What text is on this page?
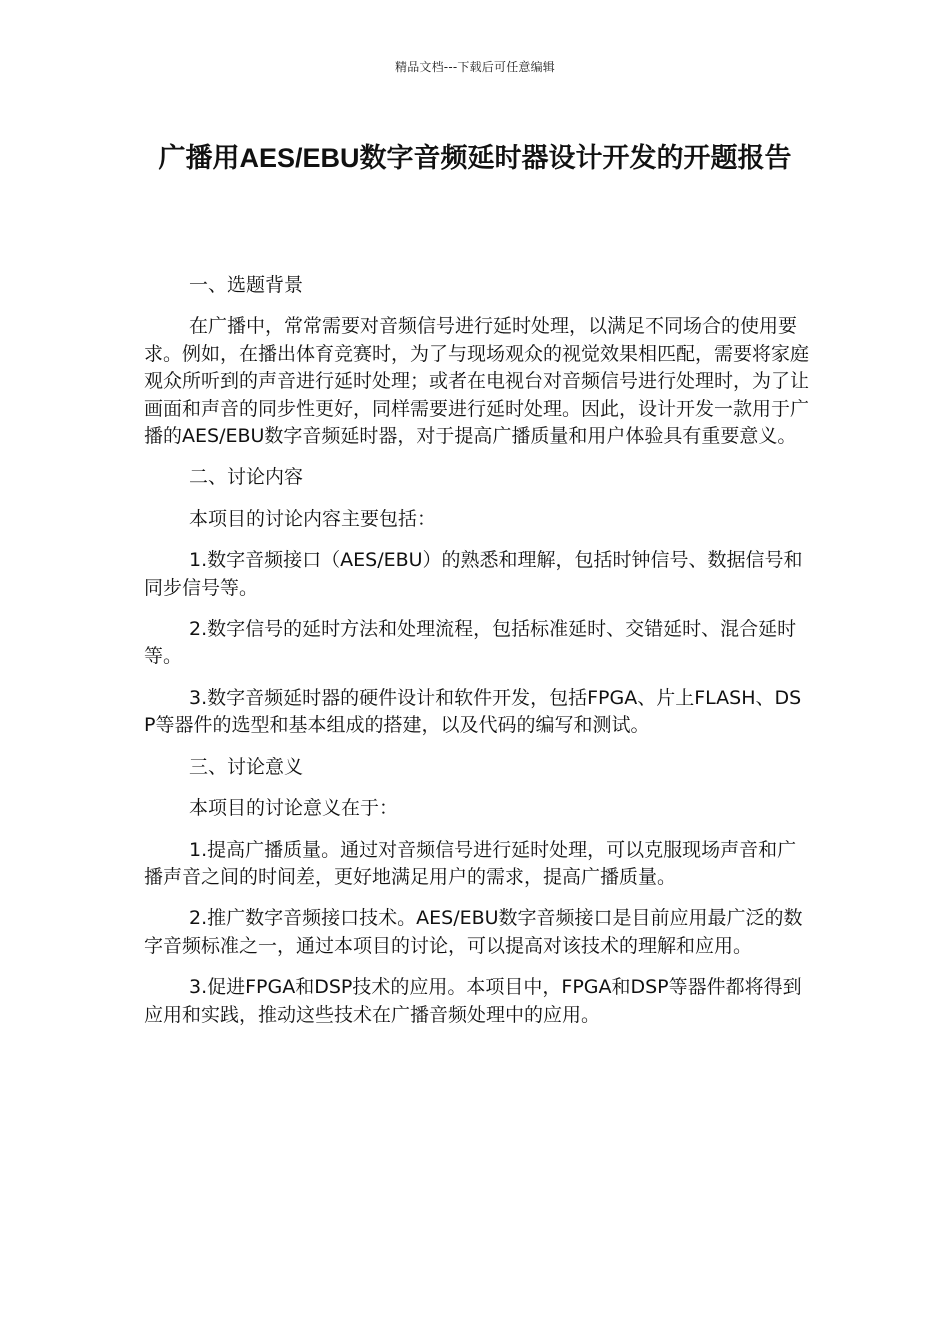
精品文档---下载后可任意编辑
广播用AES/EBU数字音频延时器设计开发的开题报告

一、选题背景

在广播中，常常需要对音频信号进行延时处理，以满足不同场合的使用要求。例如，在播出体育竞赛时，为了与现场观众的视觉效果相匹配，需要将家庭观众所听到的声音进行延时处理；或者在电视台对音频信号进行处理时，为了让画面和声音的同步性更好，同样需要进行延时处理。因此，设计开发一款用于广播的AES/EBU数字音频延时器，对于提高广播质量和用户体验具有重要意义。

二、讨论内容

本项目的讨论内容主要包括：

1.数字音频接口（AES/EBU）的熟悉和理解，包括时钟信号、数据信号和同步信号等。

2.数字信号的延时方法和处理流程，包括标准延时、交错延时、混合延时等。

3.数字音频延时器的硬件设计和软件开发，包括FPGA、片上FLASH、DSP等器件的选型和基本组成的搭建，以及代码的编写和测试。

三、讨论意义

本项目的讨论意义在于：

1.提高广播质量。通过对音频信号进行延时处理，可以克服现场声音和广播声音之间的时间差，更好地满足用户的需求，提高广播质量。

2.推广数字音频接口技术。AES/EBU数字音频接口是目前应用最广泛的数字音频标准之一，通过本项目的讨论，可以提高对该技术的理解和应用。

3.促进FPGA和DSP技术的应用。本项目中，FPGA和DSP等器件都将得到应用和实践，推动这些技术在广播音频处理中的应用。
